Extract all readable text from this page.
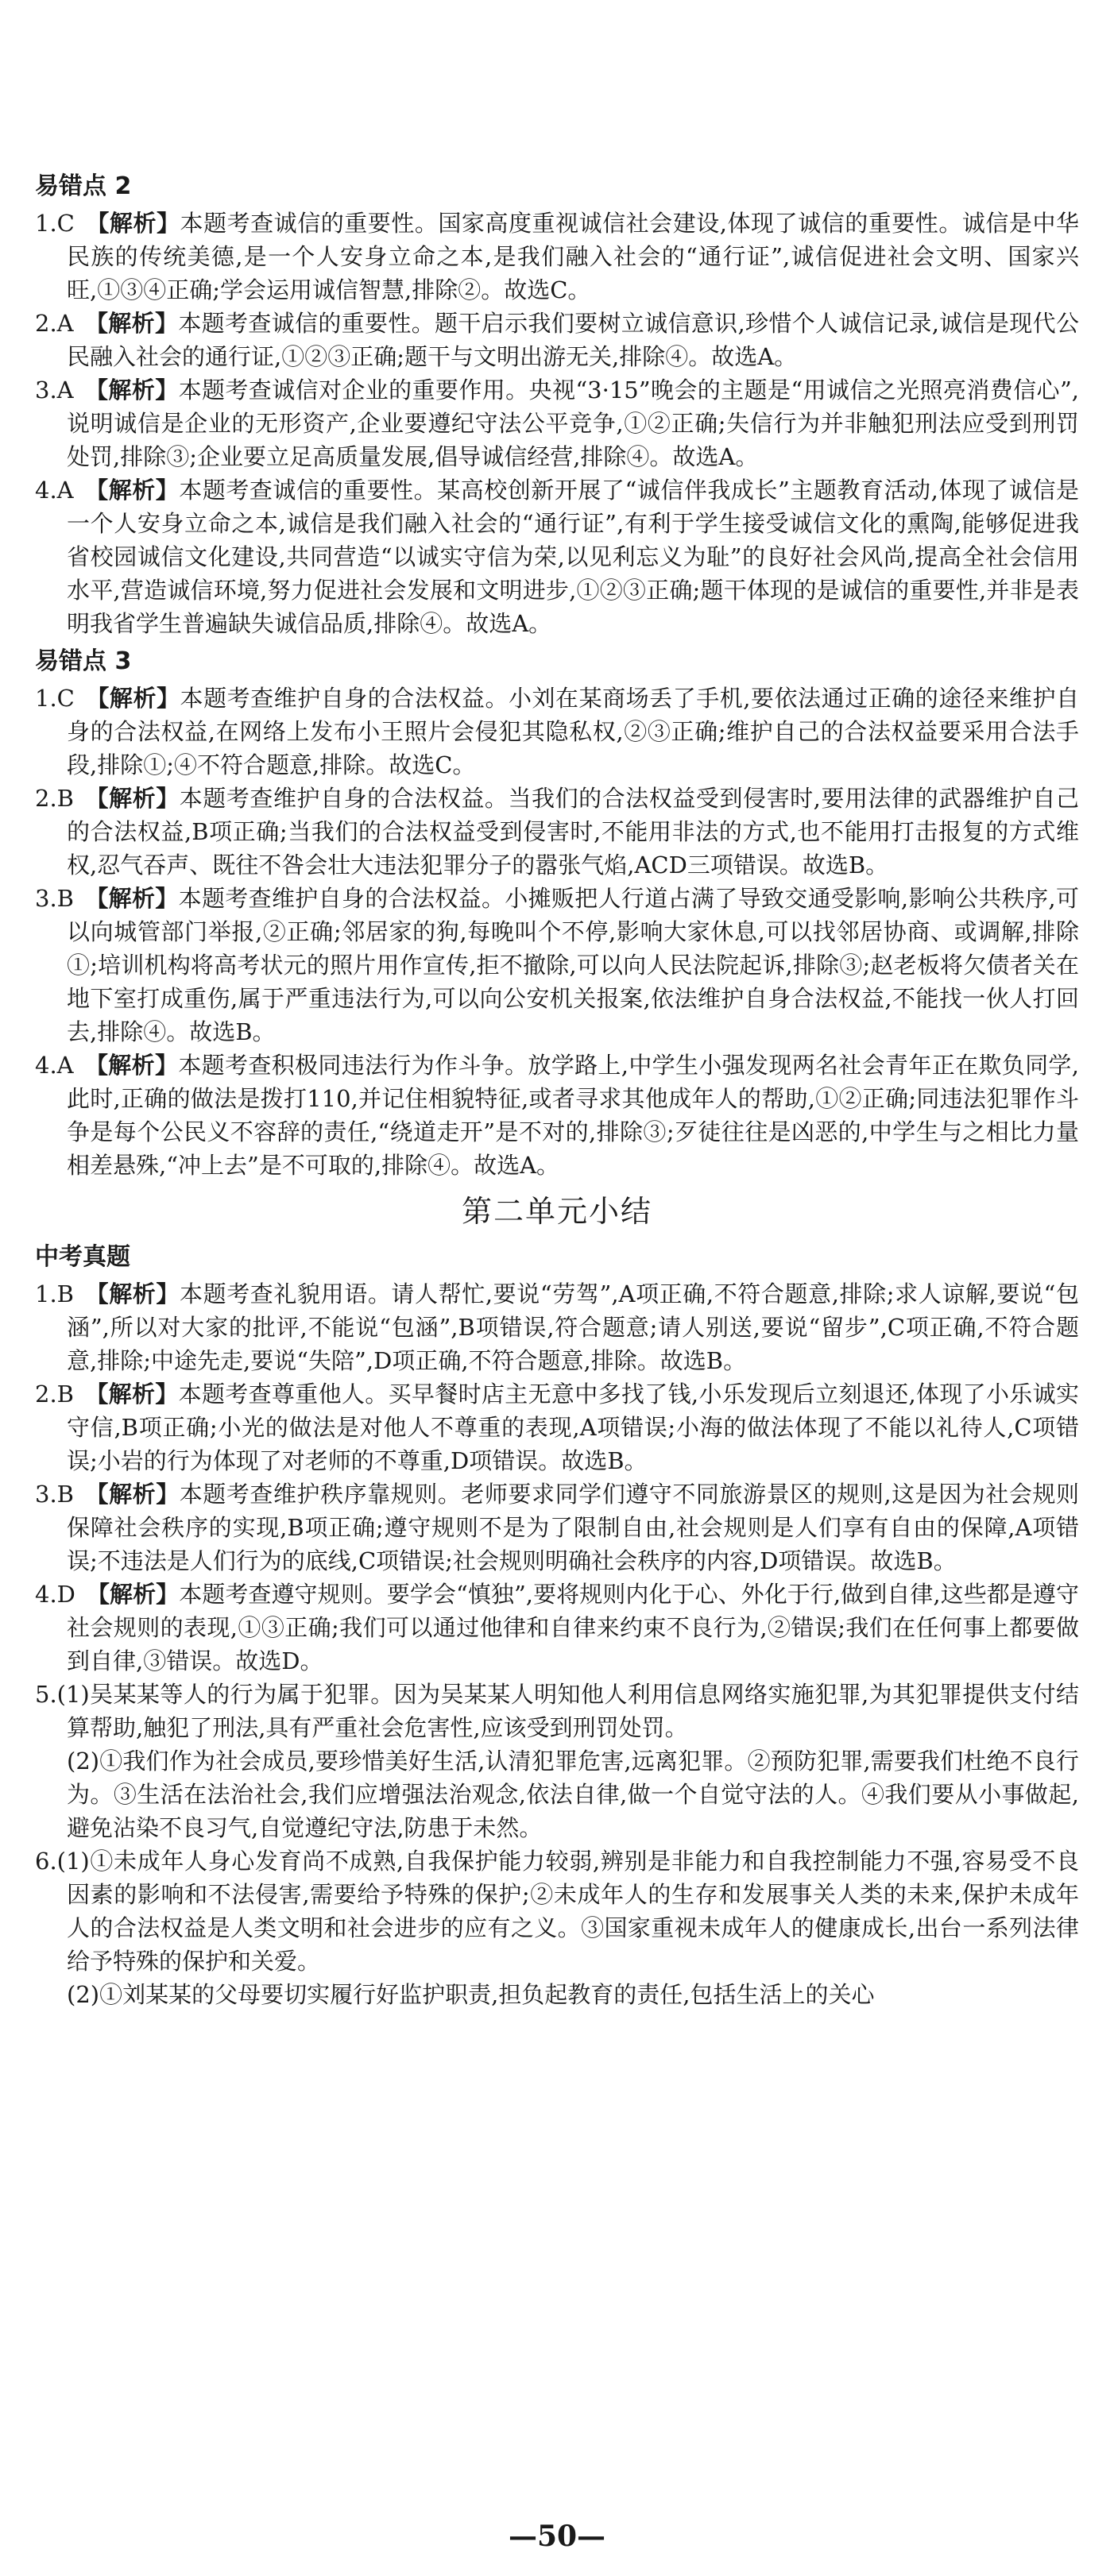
易错点 2

1.C 【解析】本题考查诚信的重要性。国家高度重视诚信社会建设,体现了诚信的重要性。诚信是中华民族的传统美德,是一个人安身立命之本,是我们融入社会的“通行证”,诚信促进社会文明、国家兴旺,①③④正确;学会运用诚信智慧,排除②。故选C。

2.A 【解析】本题考查诚信的重要性。题干启示我们要树立诚信意识,珍惜个人诚信记录,诚信是现代公民融入社会的通行证,①②③正确;题干与文明出游无关,排除④。故选A。

3.A 【解析】本题考查诚信对企业的重要作用。央视“3·15”晚会的主题是“用诚信之光照亮消费信心”,说明诚信是企业的无形资产,企业要遵纪守法公平竞争,①②正确;失信行为并非触犯刑法应受到刑罚处罚,排除③;企业要立足高质量发展,倡导诚信经营,排除④。故选A。

4.A 【解析】本题考查诚信的重要性。某高校创新开展了“诚信伴我成长”主题教育活动,体现了诚信是一个人安身立命之本,诚信是我们融入社会的“通行证”,有利于学生接受诚信文化的熏陶,能够促进我省校园诚信文化建设,共同营造“以诚实守信为荣,以见利忘义为耻”的良好社会风尚,提高全社会信用水平,营造诚信环境,努力促进社会发展和文明进步,①②③正确;题干体现的是诚信的重要性,并非是表明我省学生普遍缺失诚信品质,排除④。故选A。

易错点 3

1.C 【解析】本题考查维护自身的合法权益。小刘在某商场丢了手机,要依法通过正确的途径来维护自身的合法权益,在网络上发布小王照片会侵犯其隐私权,②③正确;维护自己的合法权益要采用合法手段,排除①;④不符合题意,排除。故选C。

2.B 【解析】本题考查维护自身的合法权益。当我们的合法权益受到侵害时,要用法律的武器维护自己的合法权益,B项正确;当我们的合法权益受到侵害时,不能用非法的方式,也不能用打击报复的方式维权,忍气吞声、既往不咎会壮大违法犯罪分子的嚣张气焰,ACD三项错误。故选B。

3.B 【解析】本题考查维护自身的合法权益。小摊贩把人行道占满了导致交通受影响,影响公共秩序,可以向城管部门举报,②正确;邻居家的狗,每晚叫个不停,影响大家休息,可以找邻居协商、或调解,排除①;培训机构将高考状元的照片用作宣传,拒不撤除,可以向人民法院起诉,排除③;赵老板将欠债者关在地下室打成重伤,属于严重违法行为,可以向公安机关报案,依法维护自身合法权益,不能找一伙人打回去,排除④。故选B。

4.A 【解析】本题考查积极同违法行为作斗争。放学路上,中学生小强发现两名社会青年正在欺负同学,此时,正确的做法是拨打110,并记住相貌特征,或者寻求其他成年人的帮助,①②正确;同违法犯罪作斗争是每个公民义不容辞的责任,“绕道走开”是不对的,排除③;歹徒往往是凶恶的,中学生与之相比力量相差悬殊,“冲上去”是不可取的,排除④。故选A。

第二单元小结
中考真题

1.B 【解析】本题考查礼貌用语。请人帮忙,要说“劳驾”,A项正确,不符合题意,排除;求人谅解,要说“包涵”,所以对大家的批评,不能说“包涵”,B项错误,符合题意;请人别送,要说“留步”,C项正确,不符合题意,排除;中途先走,要说“失陪”,D项正确,不符合题意,排除。故选B。

2.B 【解析】本题考查尊重他人。买早餐时店主无意中多找了钱,小乐发现后立刻退还,体现了小乐诚实守信,B项正确;小光的做法是对他人不尊重的表现,A项错误;小海的做法体现了不能以礼待人,C项错误;小岩的行为体现了对老师的不尊重,D项错误。故选B。

3.B 【解析】本题考查维护秩序靠规则。老师要求同学们遵守不同旅游景区的规则,这是因为社会规则保障社会秩序的实现,B项正确;遵守规则不是为了限制自由,社会规则是人们享有自由的保障,A项错误;不违法是人们行为的底线,C项错误;社会规则明确社会秩序的内容,D项错误。故选B。

4.D 【解析】本题考查遵守规则。要学会“慎独”,要将规则内化于心、外化于行,做到自律,这些都是遵守社会规则的表现,①③正确;我们可以通过他律和自律来约束不良行为,②错误;我们在任何事上都要做到自律,③错误。故选D。

5.(1)吴某某等人的行为属于犯罪。因为吴某某人明知他人利用信息网络实施犯罪,为其犯罪提供支付结算帮助,触犯了刑法,具有严重社会危害性,应该受到刑罚处罚。

(2)①我们作为社会成员,要珍惜美好生活,认清犯罪危害,远离犯罪。②预防犯罪,需要我们杜绝不良行为。③生活在法治社会,我们应增强法治观念,依法自律,做一个自觉守法的人。④我们要从小事做起,避免沾染不良习气,自觉遵纪守法,防患于未然。

6.(1)①未成年人身心发育尚不成熟,自我保护能力较弱,辨别是非能力和自我控制能力不强,容易受不良因素的影响和不法侵害,需要给予特殊的保护;②未成年人的生存和发展事关人类的未来,保护未成年人的合法权益是人类文明和社会进步的应有之义。③国家重视未成年人的健康成长,出台一系列法律给予特殊的保护和关爱。

(2)①刘某某的父母要切实履行好监护职责,担负起教育的责任,包括生活上的关心

—50—
